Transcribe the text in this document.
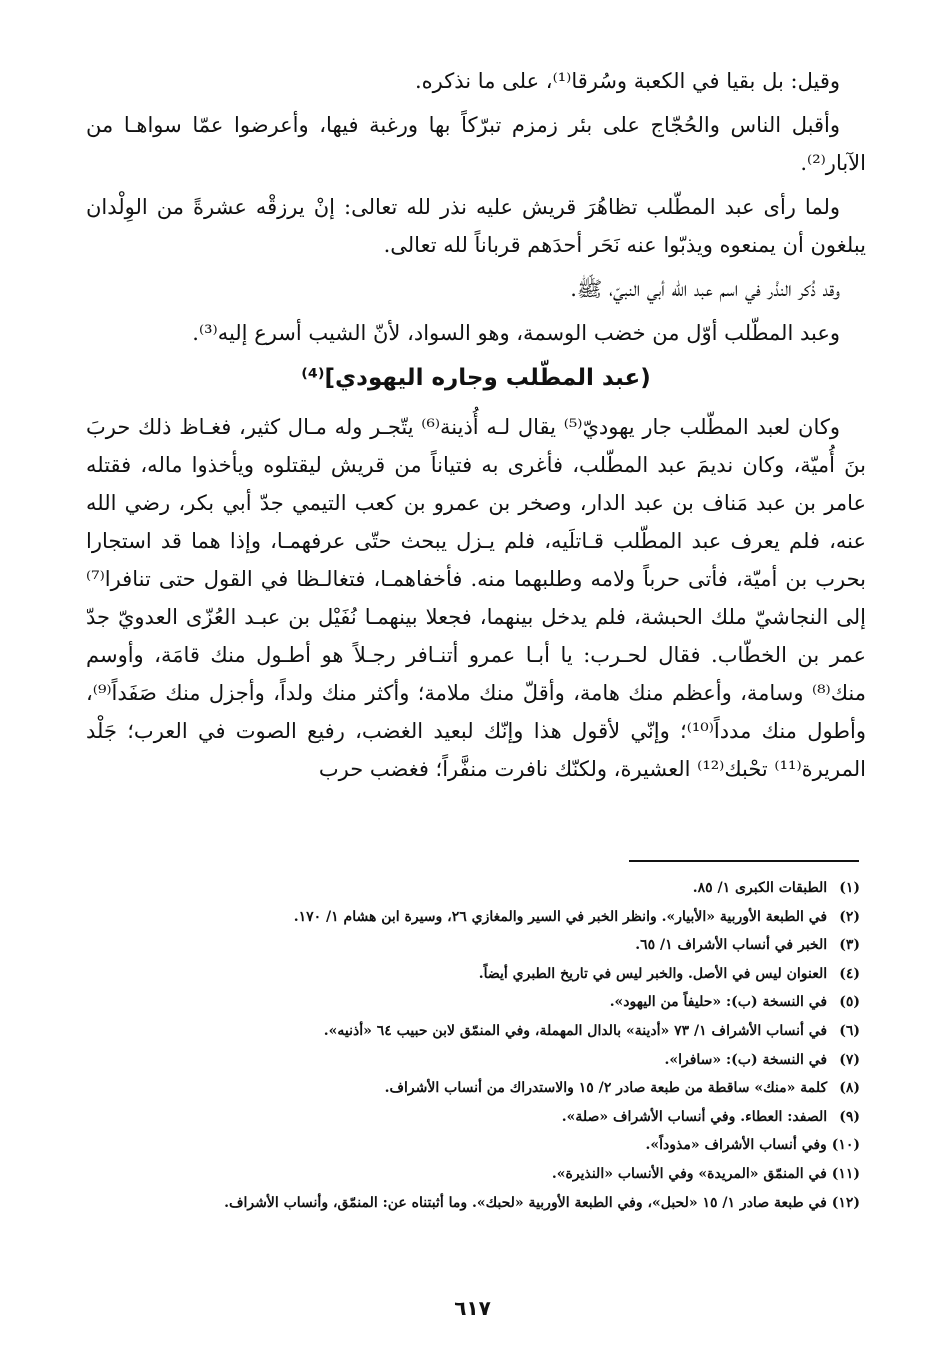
وقيل: بل بقيا في الكعبة وسُرقا⁽¹⁾، على ما نذكره.

وأقبل الناس والحُجّاج على بئر زمزم تبرّكاً بها ورغبة فيها، وأعرضوا عمّا سواهـا من الآبار⁽²⁾.

ولما رأى عبد المطّلب تظاهُرَ قريش عليه نذر لله تعالى: إنْ يرزقْه عشرةً من الوِلْدان يبلغون أن يمنعوه ويذبّوا عنه نَحَر أحدَهم قرباناً لله تعالى.

وقد ذُكر النذْر في اسم عبد الله أبي النبيّ، ﷺ.

وعبد المطّلب أوّل من خضب الوسمة، وهو السواد، لأنّ الشيب أسرع إليه⁽³⁾.

(عبد المطّلب وجاره اليهودي]⁽⁴⁾

وكان لعبد المطّلب جار يهوديّ⁽⁵⁾ يقال لـه أُذينة⁽⁶⁾ يتّجـر وله مـال كثير، فغـاظ ذلك حربَ بنَ أُميّة، وكان نديمَ عبد المطّلب، فأغرى به فتياناً من قريش ليقتلوه ويأخذوا ماله، فقتله عامر بن عبد مَناف بن عبد الدار، وصخر بن عمرو بن كعب التيمي جدّ أبي بكر، رضي الله عنه، فلم يعرف عبد المطّلب قـاتلَيه، فلم يـزل يبحث حتّى عرفهمـا، وإذا هما قد استجارا بحرب بن أميّة، فأتى حرباً ولامه وطلبهما منه. فأخفاهمـا، فتغالـظا في القول حتى تنافرا⁽⁷⁾ إلى النجاشيّ ملك الحبشة، فلم يدخل بينهما، فجعلا بينهمـا نُفَيْل بن عبـد العُزّى العدويّ جدّ عمر بن الخطّاب. فقال لحـرب: يا أبـا عمرو أتنـافر رجـلاً هو أطـول منك قامَة، وأوسم منك⁽⁸⁾ وسامة، وأعظم منك هامة، وأقلّ منك ملامة؛ وأكثر منك ولداً، وأجزل منك صَفَداً⁽⁹⁾، وأطول منك مدداً⁽¹⁰⁾؛ وإنّي لأقول هذا وإنّك لبعيد الغضب، رفيع الصوت في العرب؛ جَلْد المريرة⁽¹¹⁾ تحْبك⁽¹²⁾ العشيرة، ولكنّك نافرت منفَّراً؛ فغضب حرب

(١) الطبقات الكبرى ١/ ٨٥.

(٢) في الطبعة الأوربية «الأبيار». وانظر الخبر في السير والمغازي ٢٦، وسيرة ابن هشام ١/ ١٧٠.

(٣) الخبر في أنساب الأشراف ١/ ٦٥.

(٤) العنوان ليس في الأصل. والخبر ليس في تاريخ الطبري أيضاً.

(٥) في النسخة (ب): «حليفاً من اليهود».

(٦) في أنساب الأشراف ١/ ٧٣ «أدينة» بالدال المهملة، وفي المنمّق لابن حبيب ٦٤ «أذنيه».

(٧) في النسخة (ب): «سافرا».

(٨) كلمة «منك» ساقطة من طبعة صادر ٢/ ١٥ والاستدراك من أنساب الأشراف.

(٩) الصفد: العطاء. وفي أنساب الأشراف «صلة».

(١٠) وفي أنساب الأشراف «مذوداً».

(١١) في المنمّق «المريدة» وفي الأنساب «النذيرة».

(١٢) في طبعة صادر ١/ ١٥ «لحبل»، وفي الطبعة الأوربية «لحبك». وما أثبتناه عن: المنمّق، وأنساب الأشراف.

٦١٧
